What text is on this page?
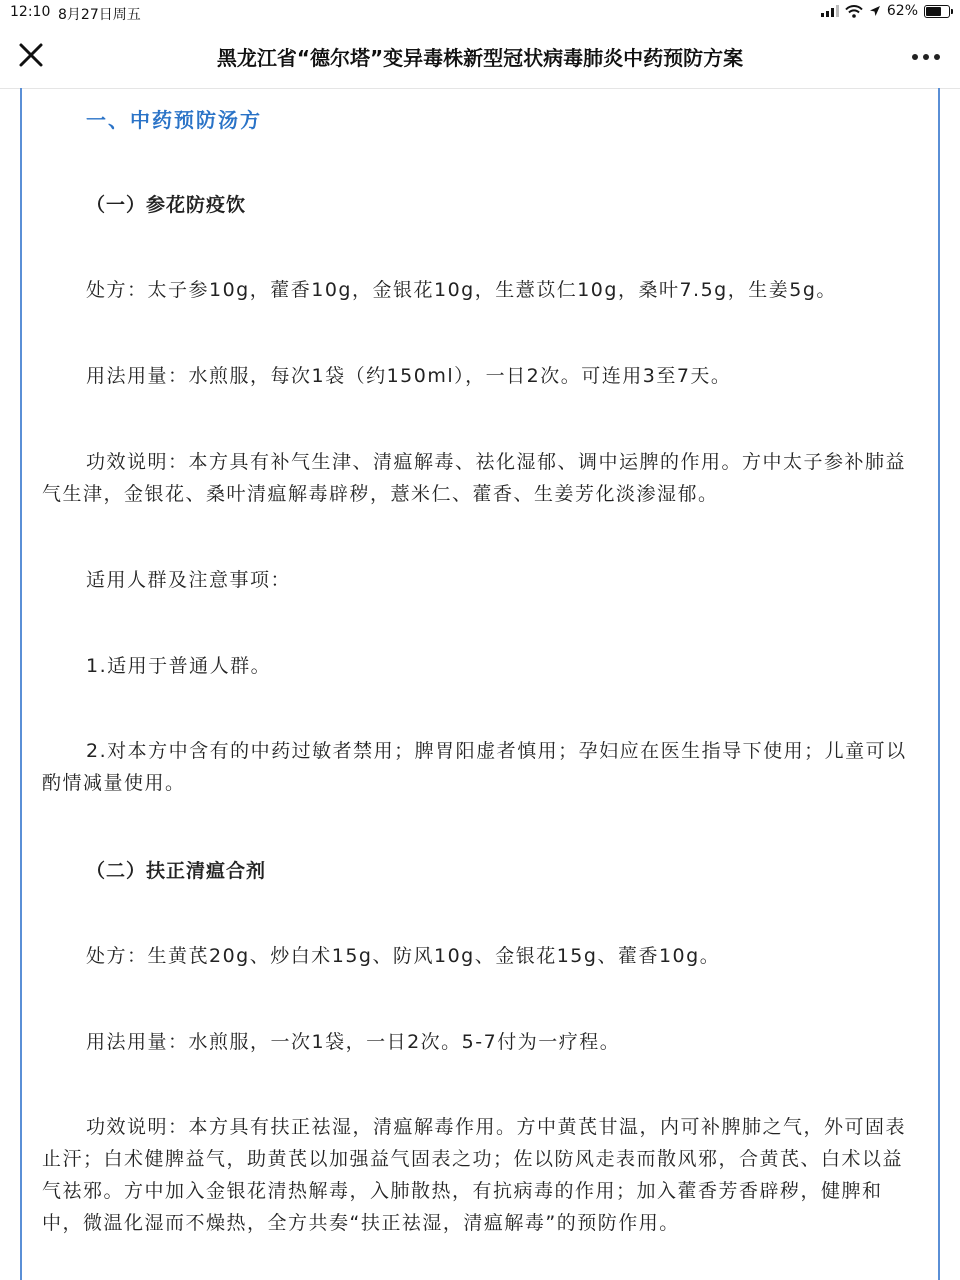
12:10 8月27日周五	62%
黑龙江省“德尔塔”变异毒株新型冠状病毒肺炎中药预防方案
一、中药预防汤方
（一）参花防疫饮

处方：太子参10g，藿香10g，金银花10g，生薏苡仁10g，桑叶7.5g，生姜5g。

用法用量：水煎服，每次1袋（约150ml），一日2次。可连用3至7天。

功效说明：本方具有补气生津、清瘟解毒、祛化湿郁、调中运脾的作用。方中太子参补肺益气生津，金银花、桑叶清瘟解毒辟秽，薏米仁、藿香、生姜芳化淡渗湿郁。

适用人群及注意事项：

1.适用于普通人群。

2.对本方中含有的中药过敏者禁用；脾胃阳虚者慎用；孕妇应在医生指导下使用；儿童可以酌情减量使用。

（二）扶正清瘟合剂

处方：生黄芪20g、炒白术15g、防风10g、金银花15g、藿香10g。

用法用量：水煎服，一次1袋，一日2次。5-7付为一疗程。

功效说明：本方具有扶正祛湿，清瘟解毒作用。方中黄芪甘温，内可补脾肺之气，外可固表止汗；白术健脾益气，助黄芪以加强益气固表之功；佐以防风走表而散风邪，合黄芪、白术以益气祛邪。方中加入金银花清热解毒，入肺散热，有抗病毒的作用；加入藿香芳香辟秽，健脾和中，微温化湿而不燥热，全方共奏“扶正祛湿，清瘟解毒”的预防作用。
